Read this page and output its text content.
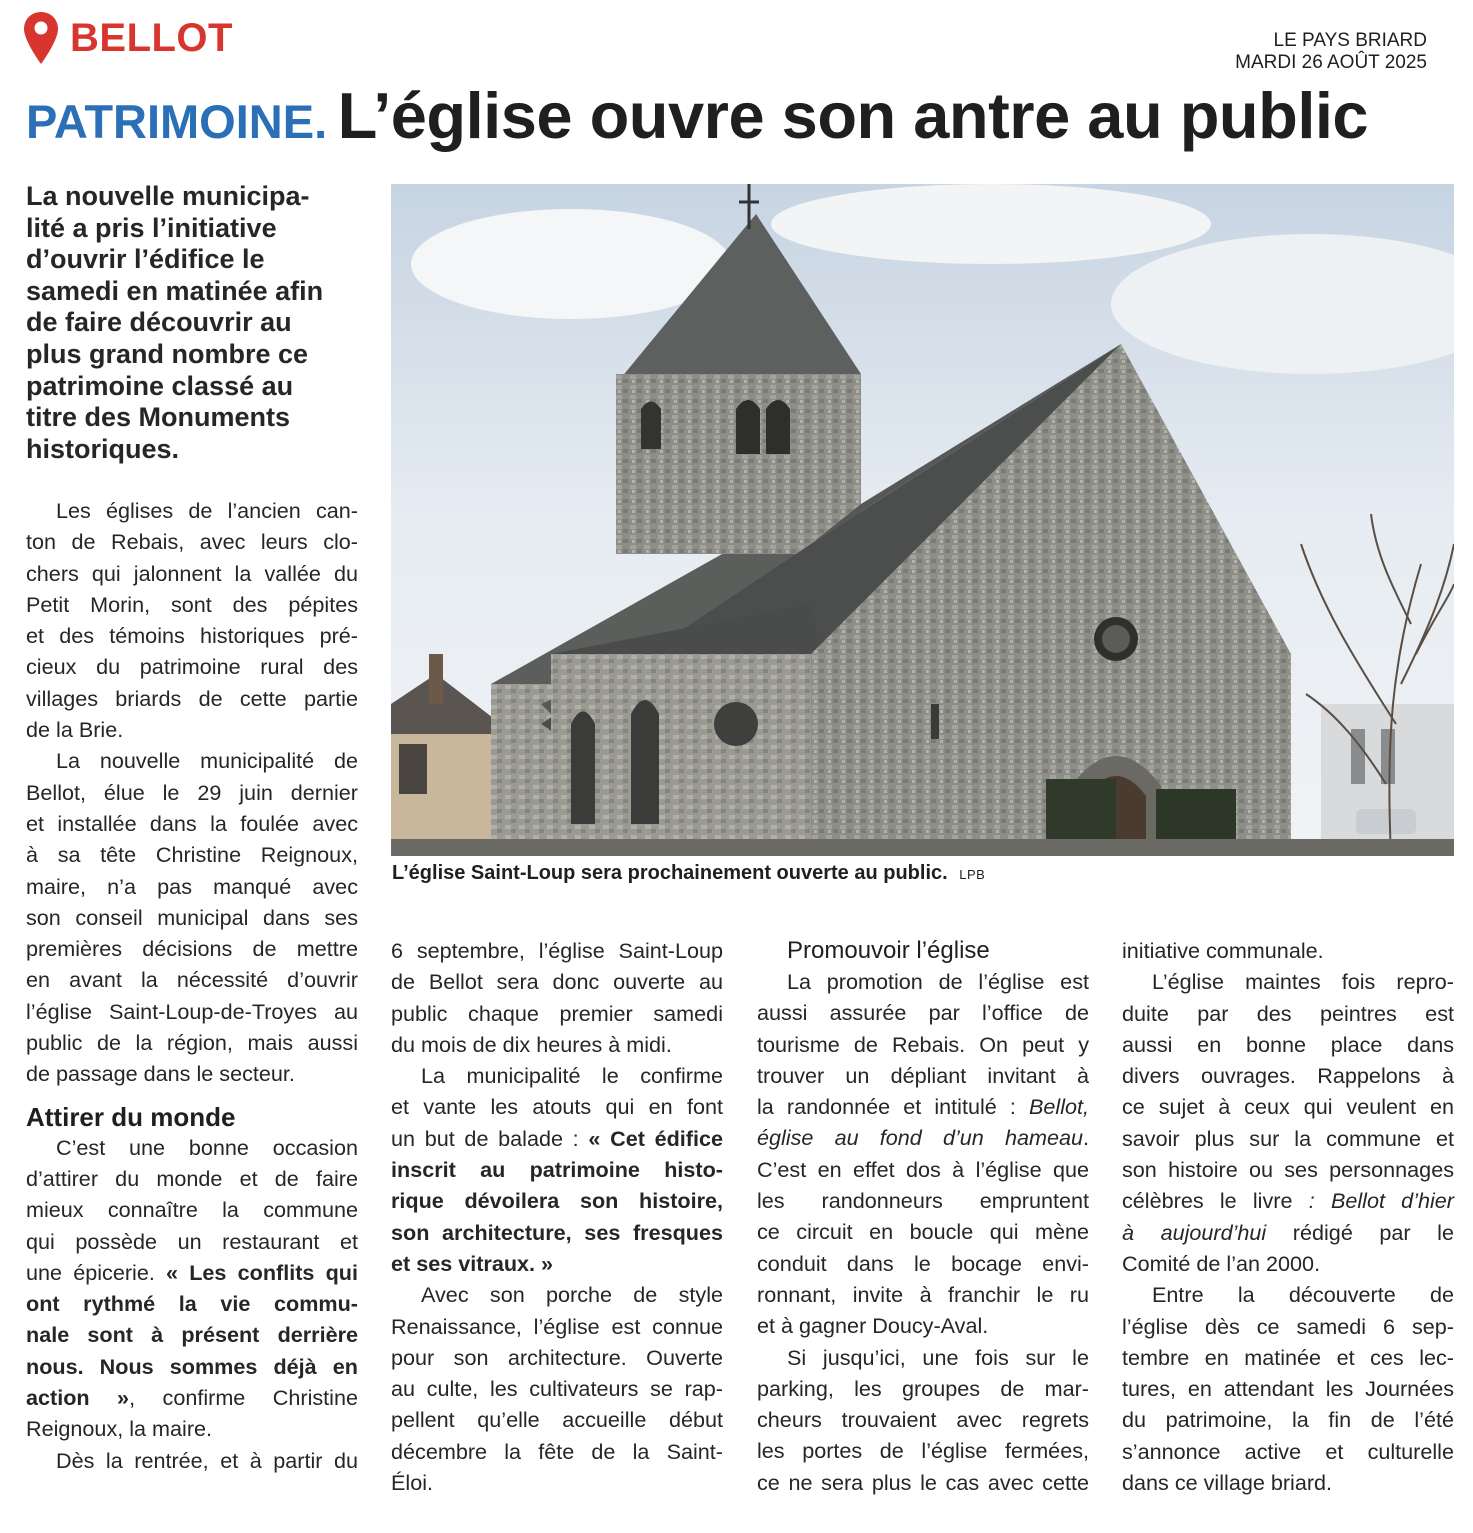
BELLOT	LE PAYS BRIARD
MARDI 26 AOÛT 2025
PATRIMOINE. L’église ouvre son antre au public
La nouvelle municipa-
lité a pris l’initiative
d’ouvrir l’édifice le
samedi en matinée afin
de faire découvrir au
plus grand nombre ce
patrimoine classé au
titre des Monuments
historiques.
L’église Saint-Loup sera prochainement ouverte au public. LPB
Les églises de l’ancien can-
ton de Rebais, avec leurs clo-
chers qui jalonnent la vallée du
Petit Morin, sont des pépites
et des témoins historiques pré-
cieux du patrimoine rural des
villages briards de cette partie
de la Brie.
La nouvelle municipalité de
Bellot, élue le 29 juin dernier
et installée dans la foulée avec
à sa tête Christine Reignoux,
maire, n’a pas manqué avec
son conseil municipal dans ses
premières décisions de mettre
en avant la nécessité d’ouvrir
l’église Saint-Loup-de-Troyes au
public de la région, mais aussi
de passage dans le secteur.
Attirer du monde
C’est une bonne occasion
d’attirer du monde et de faire
mieux connaître la commune
qui possède un restaurant et
une épicerie. « Les conflits qui
ont rythmé la vie commu-
nale sont à présent derrière
nous. Nous sommes déjà en
action », confirme Christine
Reignoux, la maire.
Dès la rentrée, et à partir du
6 septembre, l’église Saint-Loup
de Bellot sera donc ouverte au
public chaque premier samedi
du mois de dix heures à midi.
La municipalité le confirme
et vante les atouts qui en font
un but de balade : « Cet édifice
inscrit au patrimoine histo-
rique dévoilera son histoire,
son architecture, ses fresques
et ses vitraux. »
Avec son porche de style
Renaissance, l’église est connue
pour son architecture. Ouverte
au culte, les cultivateurs se rap-
pellent qu’elle accueille début
décembre la fête de la Saint-
Éloi.
Promouvoir l’église
La promotion de l’église est
aussi assurée par l’office de
tourisme de Rebais. On peut y
trouver un dépliant invitant à
la randonnée et intitulé : Bellot,
église au fond d’un hameau.
C’est en effet dos à l’église que
les randonneurs empruntent
ce circuit en boucle qui mène
conduit dans le bocage envi-
ronnant, invite à franchir le ru
et à gagner Doucy-Aval.
Si jusqu’ici, une fois sur le
parking, les groupes de mar-
cheurs trouvaient avec regrets
les portes de l’église fermées,
ce ne sera plus le cas avec cette
initiative communale.
L’église maintes fois repro-
duite par des peintres est
aussi en bonne place dans
divers ouvrages. Rappelons à
ce sujet à ceux qui veulent en
savoir plus sur la commune et
son histoire ou ses personnages
célèbres le livre : Bellot d’hier
à aujourd’hui rédigé par le
Comité de l’an 2000.
Entre la découverte de
l’église dès ce samedi 6 sep-
tembre en matinée et ces lec-
tures, en attendant les Journées
du patrimoine, la fin de l’été
s’annonce active et culturelle
dans ce village briard.
